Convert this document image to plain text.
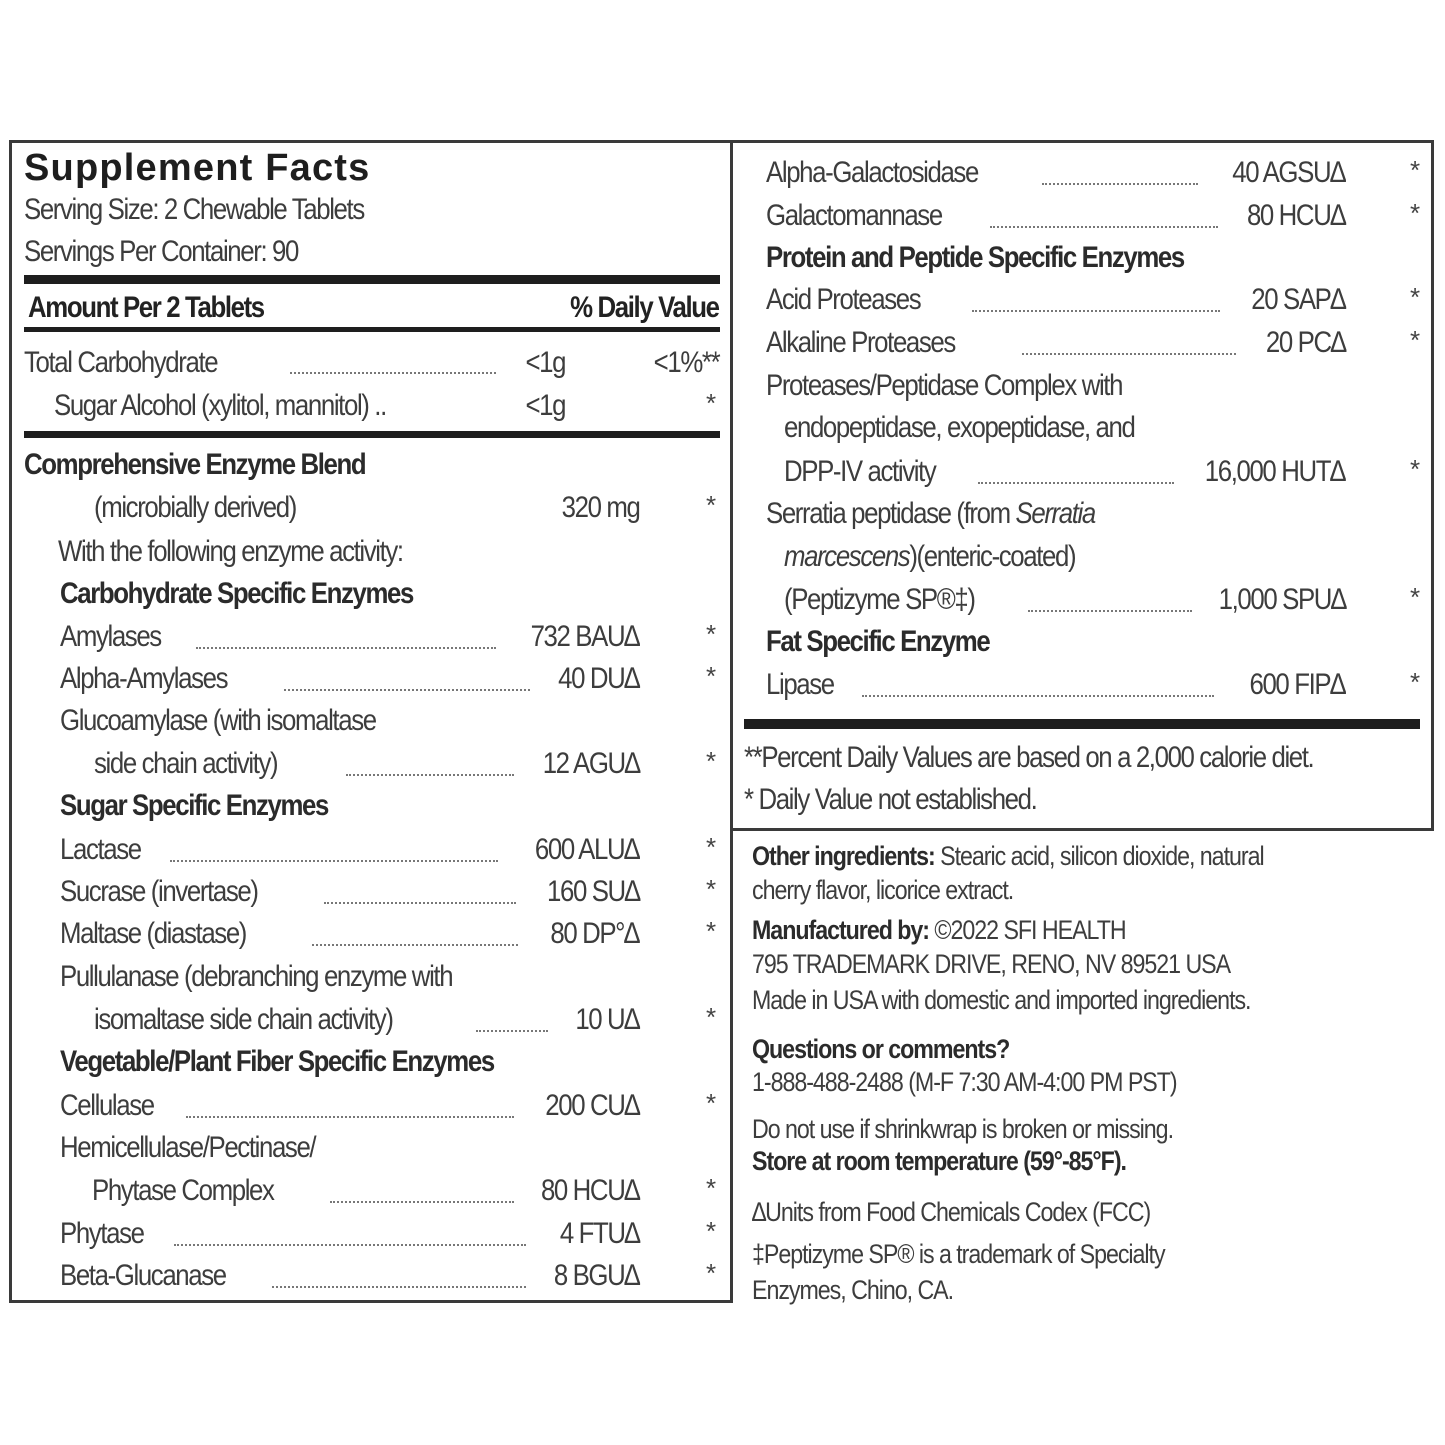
Supplement Facts
Serving Size: 2 Chewable Tablets
Servings Per Container: 90
Amount Per 2 Tablets	% Daily Value
Total Carbohydrate	<1g	<1%**
Sugar Alcohol (xylitol, mannitol) ..	<1g	*
Comprehensive Enzyme Blend
(microbially derived)	320 mg	*
With the following enzyme activity:
Carbohydrate Specific Enzymes
Amylases	732 BAU∆	*
Alpha-Amylases	40 DU∆	*
Glucoamylase (with isomaltase
side chain activity)	12 AGU∆	*
Sugar Specific Enzymes
Lactase	600 ALU∆	*
Sucrase (invertase)	160 SU∆	*
Maltase (diastase)	80 DP°∆	*
Pullulanase (debranching enzyme with
isomaltase side chain activity)	10 U∆	*
Vegetable/Plant Fiber Specific Enzymes
Cellulase	200 CU∆	*
Hemicellulase/Pectinase/
Phytase Complex	80 HCU∆	*
Phytase	4 FTU∆	*
Beta-Glucanase	8 BGU∆	*
Alpha-Galactosidase	40 AGSU∆	*
Galactomannase	80 HCU∆	*
Protein and Peptide Specific Enzymes
Acid Proteases	20 SAP∆	*
Alkaline Proteases	20 PC∆	*
Proteases/Peptidase Complex with
endopeptidase, exopeptidase, and
DPP-IV activity	16,000 HUT∆	*
Serratia peptidase (from Serratia
marcescens)(enteric-coated)
(Peptizyme SP®‡)	1,000 SPU∆	*
Fat Specific Enzyme
Lipase	600 FIP∆	*
**Percent Daily Values are based on a 2,000 calorie diet.
* Daily Value not established.
Other ingredients: Stearic acid, silicon dioxide, natural
cherry flavor, licorice extract.
Manufactured by: ©2022 SFI HEALTH
795 TRADEMARK DRIVE, RENO, NV 89521 USA
Made in USA with domestic and imported ingredients.
Questions or comments?
1-888-488-2488 (M-F 7:30 AM-4:00 PM PST)
Do not use if shrinkwrap is broken or missing.
Store at room temperature (59°-85°F).
∆Units from Food Chemicals Codex (FCC)
‡Peptizyme SP® is a trademark of Specialty
Enzymes, Chino, CA.
